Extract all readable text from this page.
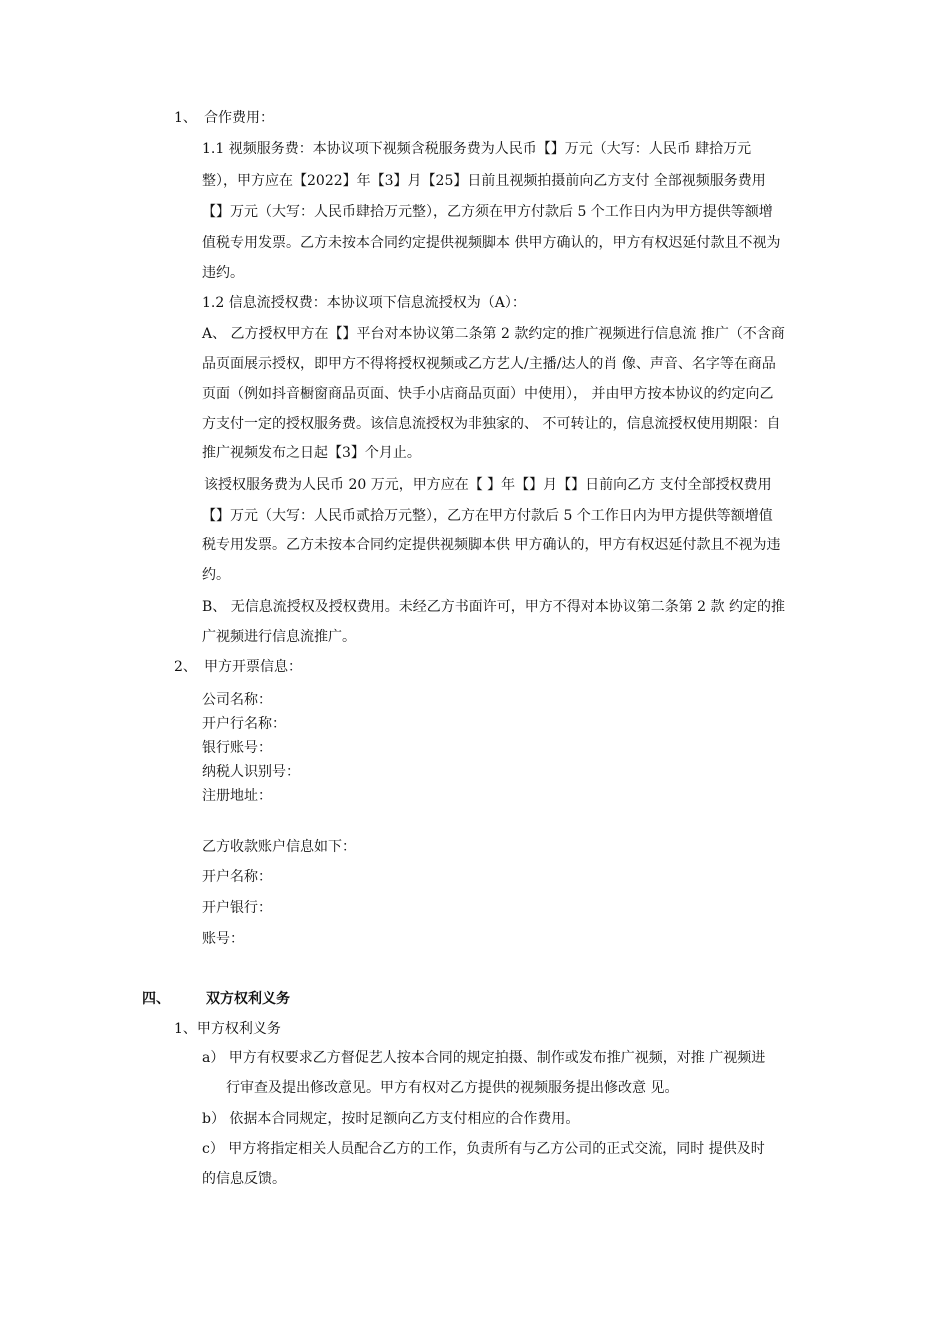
1、 合作费用：
1.1 视频服务费：本协议项下视频含税服务费为人民币【】万元（大写：人民币 肆拾万元
整），甲方应在【2022】年【3】月【25】日前且视频拍摄前向乙方支付 全部视频服务费用
【】万元（大写：人民币肆拾万元整），乙方须在甲方付款后 5 个工作日内为甲方提供等额增
值税专用发票。乙方未按本合同约定提供视频脚本 供甲方确认的，甲方有权迟延付款且不视为
违约。
1.2 信息流授权费：本协议项下信息流授权为（A）：
A、 乙方授权甲方在【】平台对本协议第二条第 2 款约定的推广视频进行信息流 推广（不含商
品页面展示授权，即甲方不得将授权视频或乙方艺人/主播/达人的肖 像、声音、名字等在商品
页面（例如抖音橱窗商品页面、快手小店商品页面）中使用）， 并由甲方按本协议的约定向乙
方支付一定的授权服务费。该信息流授权为非独家的、 不可转让的，信息流授权使用期限：自
推广视频发布之日起【3】个月止。
该授权服务费为人民币 20 万元，甲方应在【 】年【】月【】日前向乙方 支付全部授权费用
【】万元（大写：人民币贰拾万元整），乙方在甲方付款后 5 个工作日内为甲方提供等额增值
税专用发票。乙方未按本合同约定提供视频脚本供 甲方确认的，甲方有权迟延付款且不视为违
约。
B、 无信息流授权及授权费用。未经乙方书面许可，甲方不得对本协议第二条第 2 款 约定的推
广视频进行信息流推广。
2、 甲方开票信息：
公司名称：
开户行名称：
银行账号：
纳税人识别号：
注册地址：
乙方收款账户信息如下：
开户名称：
开户银行：
账号：
四、	双方权利义务
1、甲方权利义务
a） 甲方有权要求乙方督促艺人按本合同的规定拍摄、制作或发布推广视频，对推 广视频进
行审查及提出修改意见。甲方有权对乙方提供的视频服务提出修改意 见。
b） 依据本合同规定，按时足额向乙方支付相应的合作费用。
c） 甲方将指定相关人员配合乙方的工作，负责所有与乙方公司的正式交流，同时 提供及时
的信息反馈。
